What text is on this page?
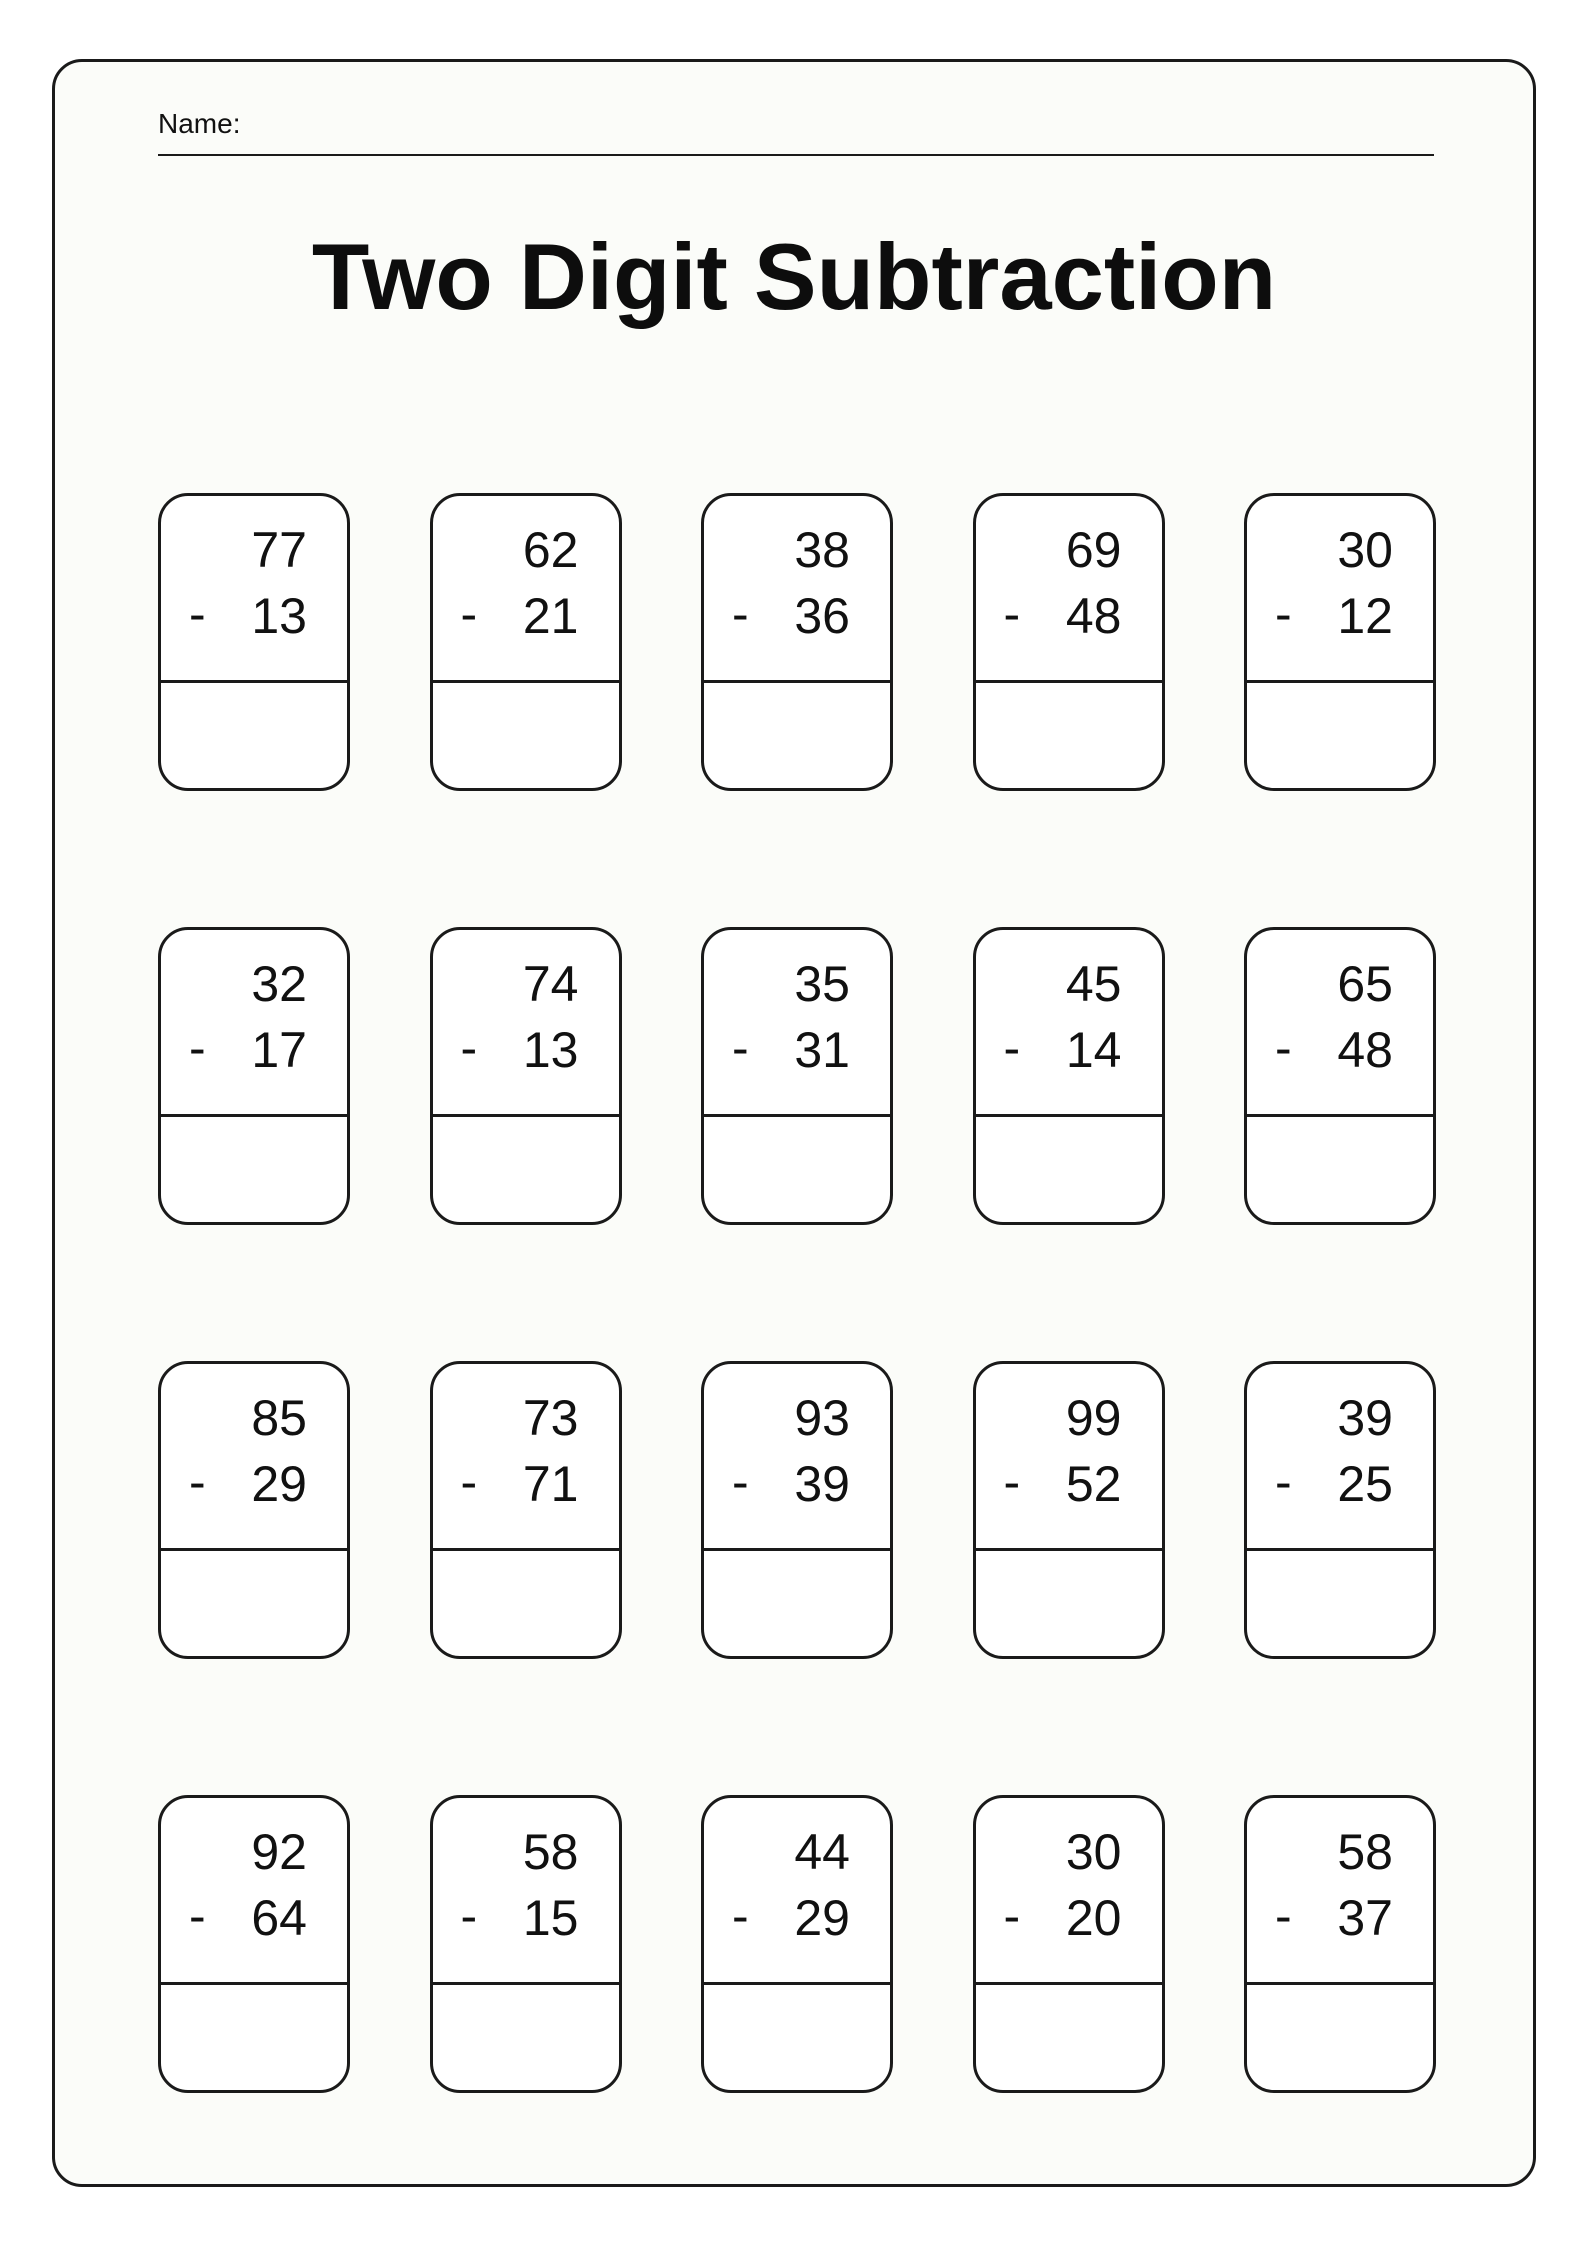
Name:
Two Digit Subtraction
77
- 13
62
- 21
38
- 36
69
- 48
30
- 12
32
- 17
74
- 13
35
- 31
45
- 14
65
- 48
85
- 29
73
- 71
93
- 39
99
- 52
39
- 25
92
- 64
58
- 15
44
- 29
30
- 20
58
- 37
